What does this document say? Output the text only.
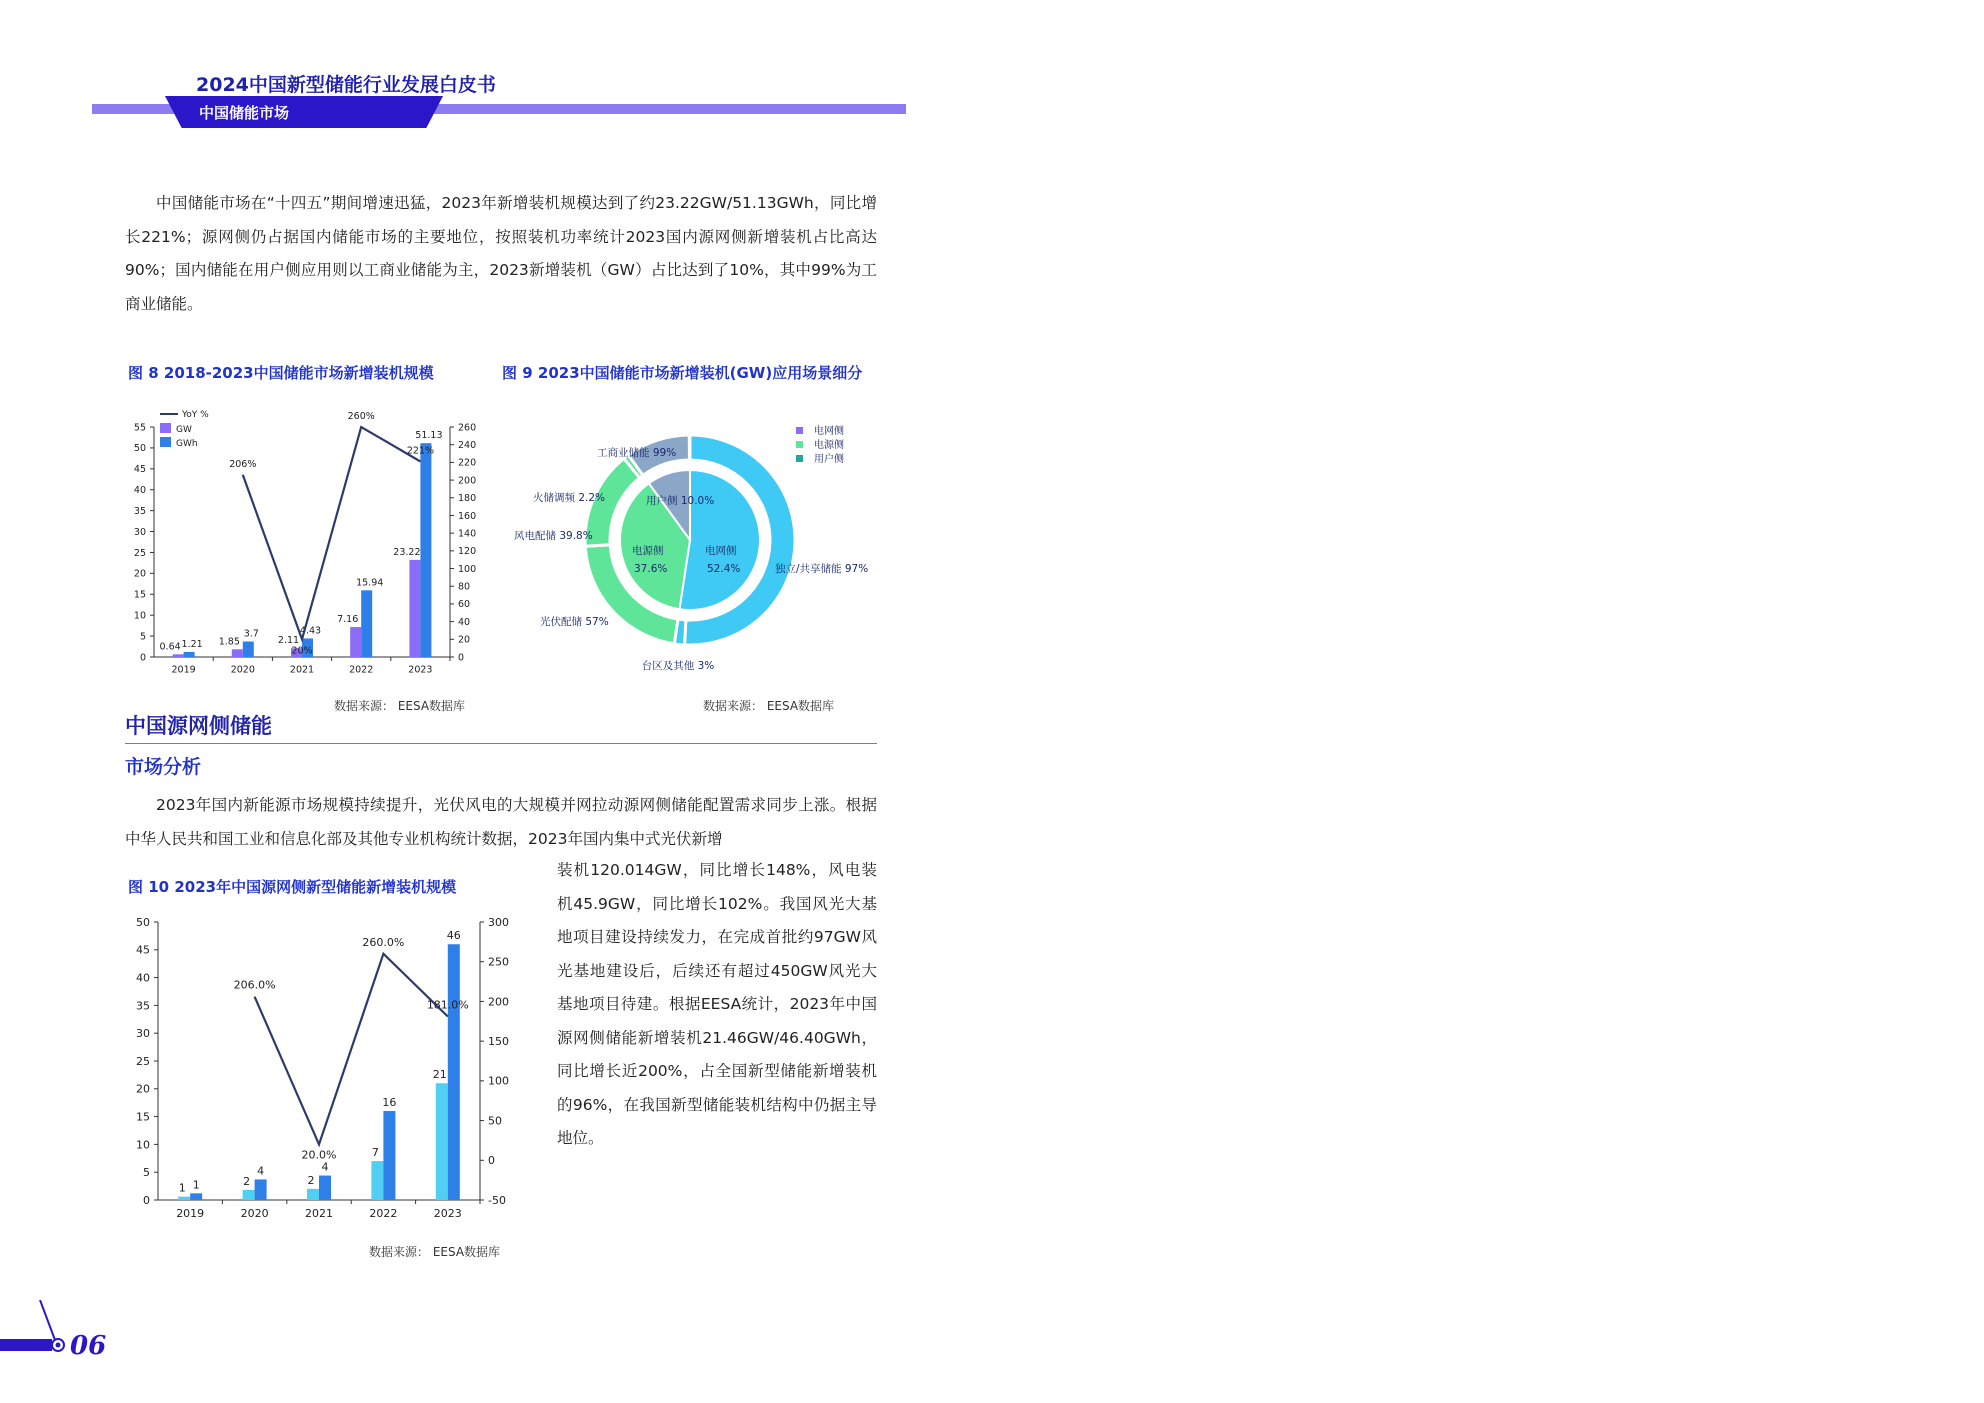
2024中国新型储能行业发展白皮书
中国储能市场
中国储能市场在“十四五”期间增速迅猛，2023年新增装机规模达到了约23.22GW/51.13GWh，同比增长221%；源网侧仍占据国内储能市场的主要地位，按照装机功率统计2023国内源网侧新增装机占比高达90%；国内储能在用户侧应用则以工商业储能为主，2023新增装机（GW）占比达到了10%，其中99%为工商业储能。
图 8 2018-2023中国储能市场新增装机规模	图 9 2023中国储能市场新增装机(GW)应用场景细分
0
5
10
15
20
25
30
35
40
45
50
55
0
20
40
60
80
100
120
140
160
180
200
220
240
260
2019
0.64 1.21
2020
1.85
3.7
2021
2.11
4.43
2022
7.16
15.94
2023
23.22
51.13
206%
20%
260%
221%
YoY %
GW
GWh
数据来源： EESA数据库
电网侧
52.4%
电源侧
37.6%
用户侧 10.0%
独立/共享储能 97%
台区及其他 3%
光伏配储 57%
风电配储 39.8%
火储调频 2.2%
工商业储能 99%
电网侧
电源侧
用户侧
数据来源： EESA数据库
中国源网侧储能
市场分析
2023年国内新能源市场规模持续提升，光伏风电的大规模并网拉动源网侧储能配置需求同步上涨。根据中华人民共和国工业和信息化部及其他专业机构统计数据，2023年国内集中式光伏新增
图 10 2023年中国源网侧新型储能新增装机规模
0
5
10
15
20
25
30
35
40
45
50
-50
0
50
100
150
200
250
300
2019
1 1
2020
2
4
2021
2
4
2022
7
16
2023
21
46
206.0%
20.0%
260.0%
181.0%
数据来源： EESA数据库
装机120.014GW，同比增长148%，风电装机45.9GW，同比增长102%。我国风光大基地项目建设持续发力，在完成首批约97GW风光基地建设后，后续还有超过450GW风光大基地项目待建。根据EESA统计，2023年中国源网侧储能新增装机21.46GW/46.40GWh，同比增长近200%，占全国新型储能新增装机的96%，在我国新型储能装机结构中仍据主导地位。
06
